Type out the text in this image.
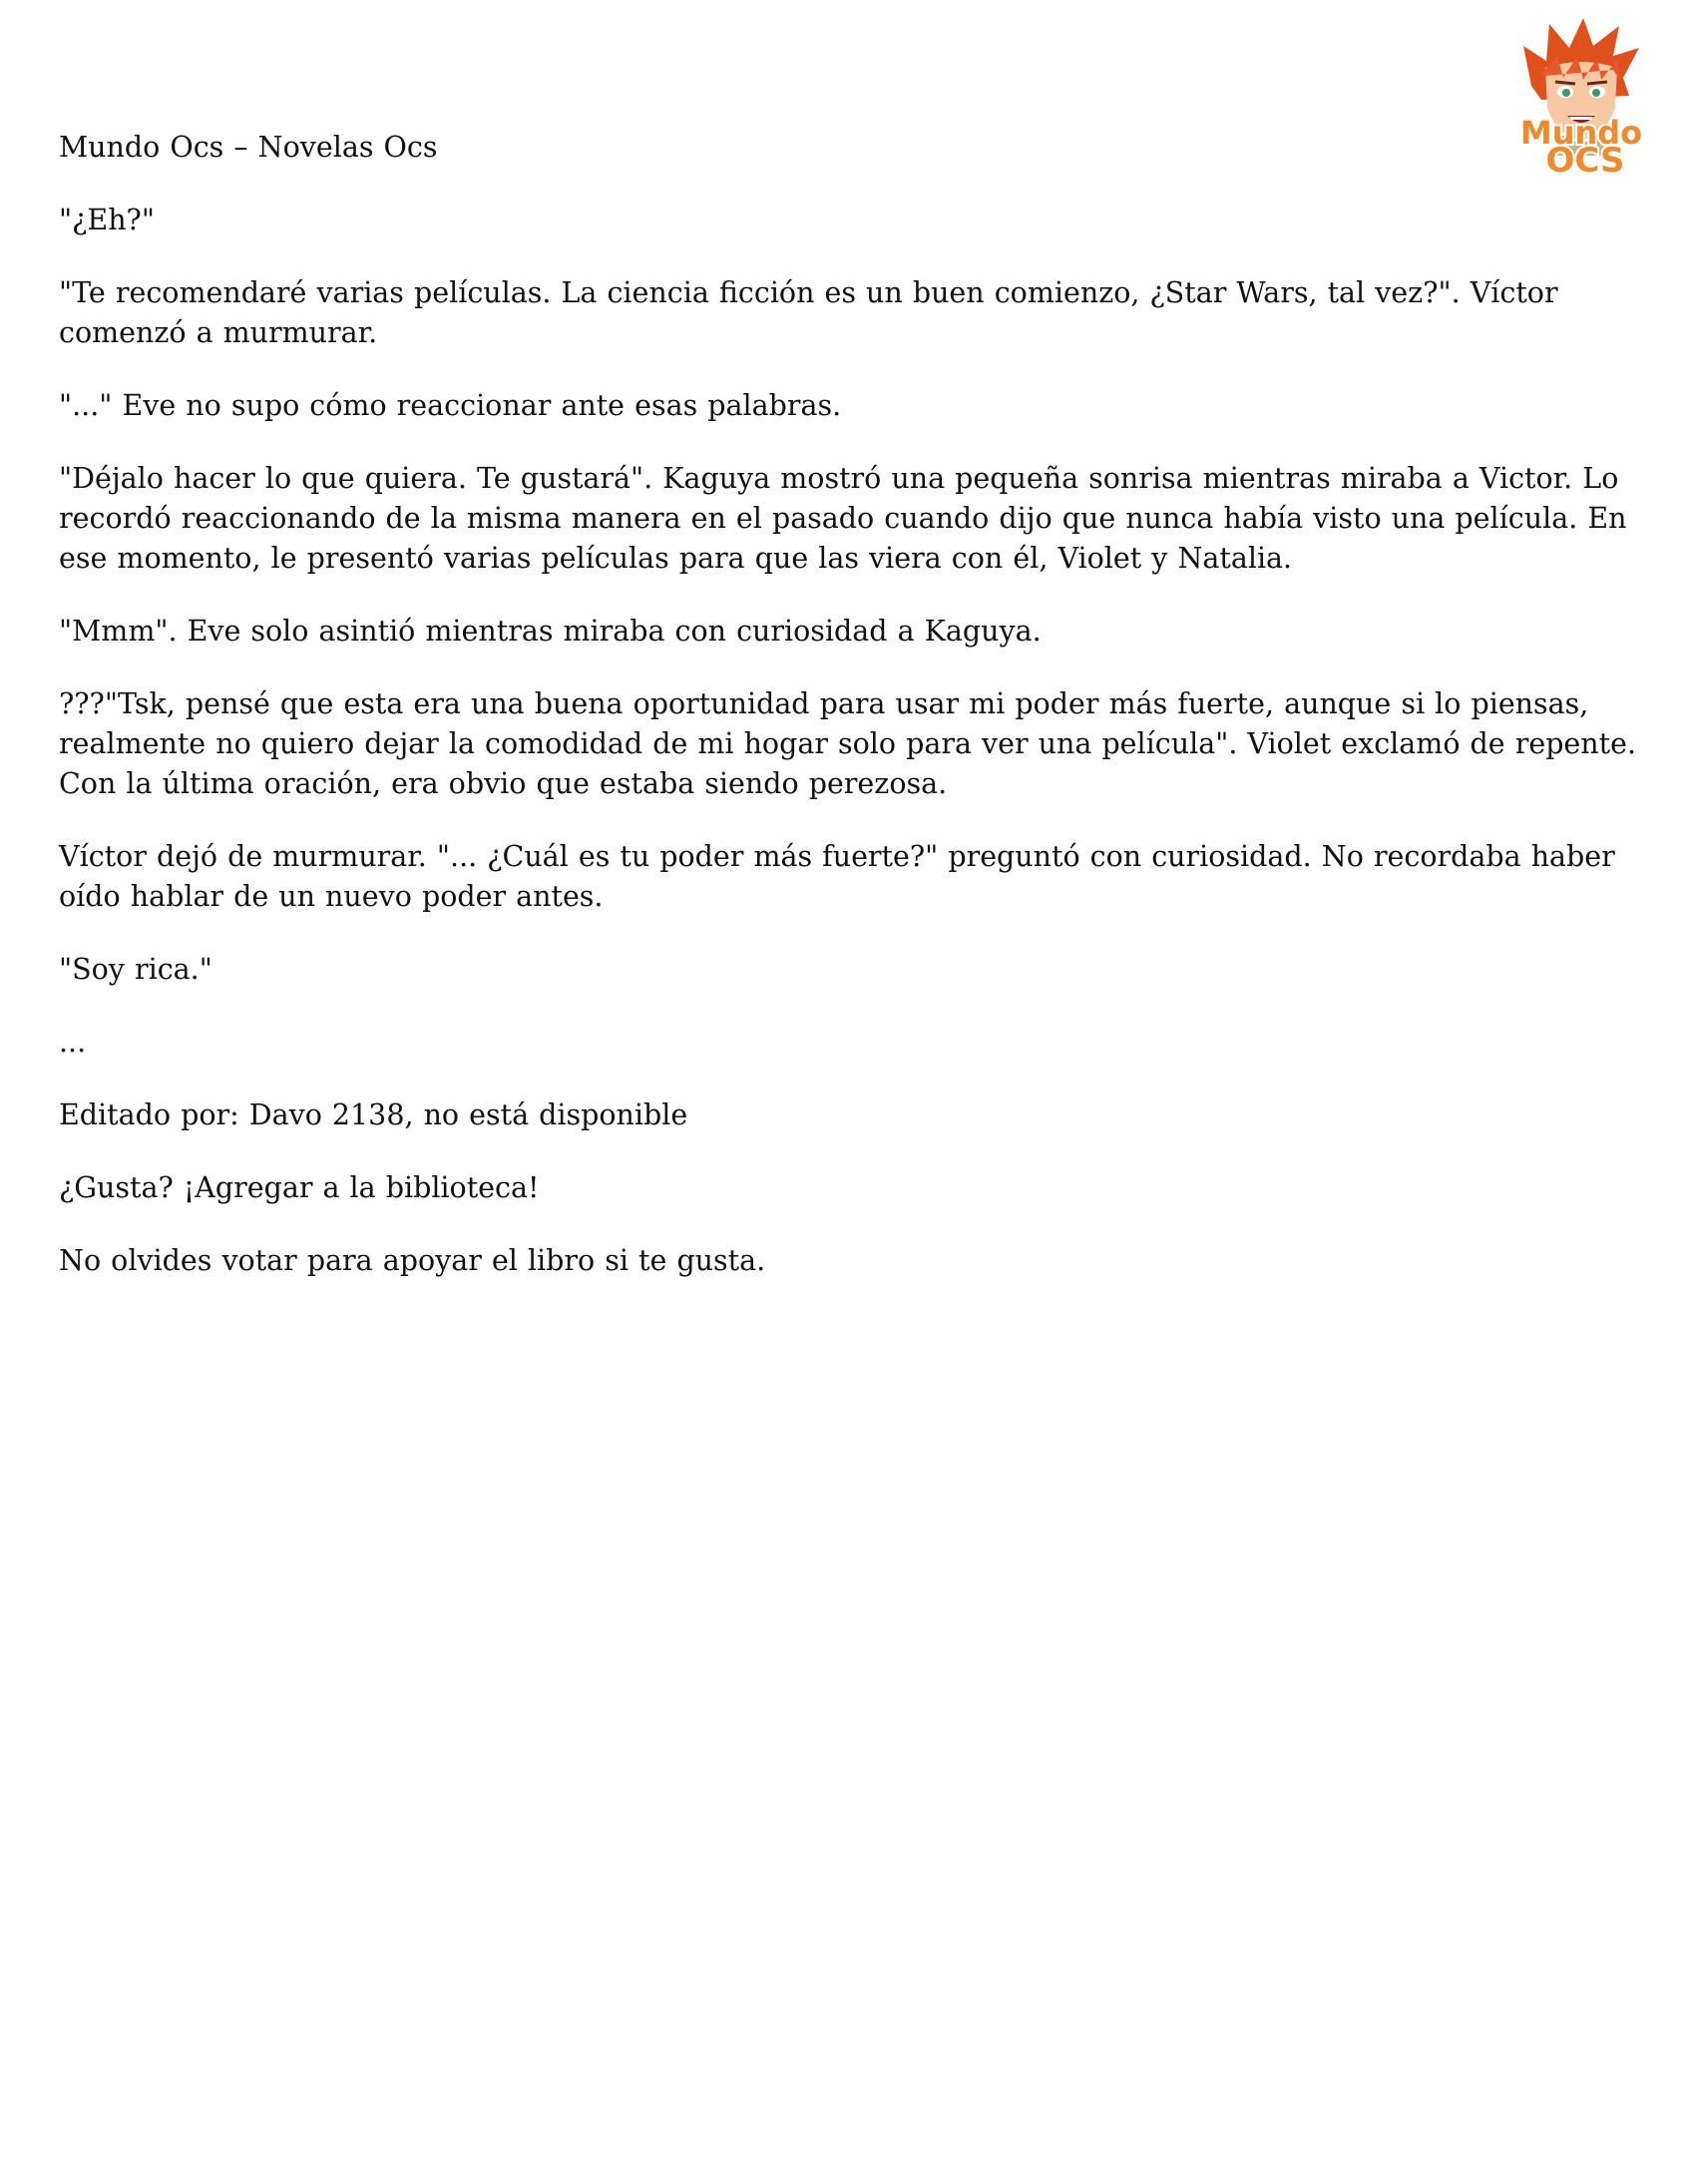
Mundo
OCS

Mundo Ocs – Novelas Ocs

"¿Eh?"

"Te recomendaré varias películas. La ciencia ficción es un buen comienzo, ¿Star Wars, tal vez?". Víctor comenzó a murmurar.

"..." Eve no supo cómo reaccionar ante esas palabras.

"Déjalo hacer lo que quiera. Te gustará". Kaguya mostró una pequeña sonrisa mientras miraba a Victor. Lo recordó reaccionando de la misma manera en el pasado cuando dijo que nunca había visto una película. En ese momento, le presentó varias películas para que las viera con él, Violet y Natalia.

"Mmm". Eve solo asintió mientras miraba con curiosidad a Kaguya.

???"Tsk, pensé que esta era una buena oportunidad para usar mi poder más fuerte, aunque si lo piensas, realmente no quiero dejar la comodidad de mi hogar solo para ver una película". Violet exclamó de repente. Con la última oración, era obvio que estaba siendo perezosa.

Víctor dejó de murmurar. "... ¿Cuál es tu poder más fuerte?" preguntó con curiosidad. No recordaba haber oído hablar de un nuevo poder antes.

"Soy rica."

...

Editado por: Davo 2138, no está disponible

¿Gusta? ¡Agregar a la biblioteca!

No olvides votar para apoyar el libro si te gusta.
